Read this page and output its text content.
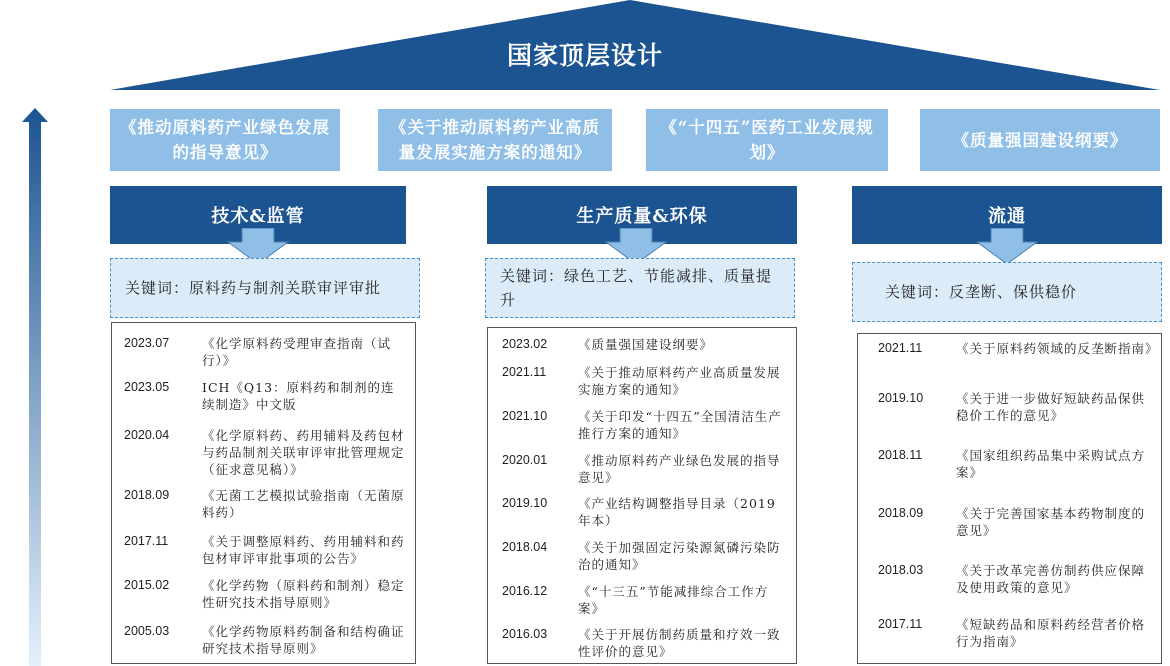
国家顶层设计
《推动原料药产业绿色发展的指导意见》
《关于推动原料药产业高质量发展实施方案的通知》
《“十四五”医药工业发展规划》
《质量强国建设纲要》
技术&监管
关键词：原料药与制剂关联审评审批
2023.07	《化学原料药受理审查指南（试行）》
2023.05	ICH《Q13：原料药和制剂的连续制造》中文版
2020.04	《化学原料药、药用辅料及药包材与药品制剂关联审评审批管理规定（征求意见稿）》
2018.09	《无菌工艺模拟试验指南（无菌原料药）
2017.11	《关于调整原料药、药用辅料和药包材审评审批事项的公告》
2015.02	《化学药物（原料药和制剂）稳定性研究技术指导原则》
2005.03	《化学药物原料药制备和结构确证研究技术指导原则》
生产质量&环保
关键词：绿色工艺、节能减排、质量提升
2023.02 《质量强国建设纲要》
2021.11	《关于推动原料药产业高质量发展实施方案的通知》
2021.10 《关于印发“十四五”全国清洁生产推行方案的通知》
2020.01 《推动原料药产业绿色发展的指导意见》
2019.10 《产业结构调整指导目录（2019年本）
2018.04 《关于加强固定污染源氮磷污染防治的通知》
2016.12 《“十三五”节能减排综合工作方案》
2016.03 《关于开展仿制药质量和疗效一致性评价的意见》
流通
关键词：反垄断、保供稳价
2021.11	《关于原料药领域的反垄断指南》
2019.10	《关于进一步做好短缺药品保供稳价工作的意见》
2018.11	《国家组织药品集中采购试点方案》
2018.09	《关于完善国家基本药物制度的意见》
2018.03	《关于改革完善仿制药供应保障及使用政策的意见》
2017.11	《短缺药品和原料药经营者价格行为指南》
